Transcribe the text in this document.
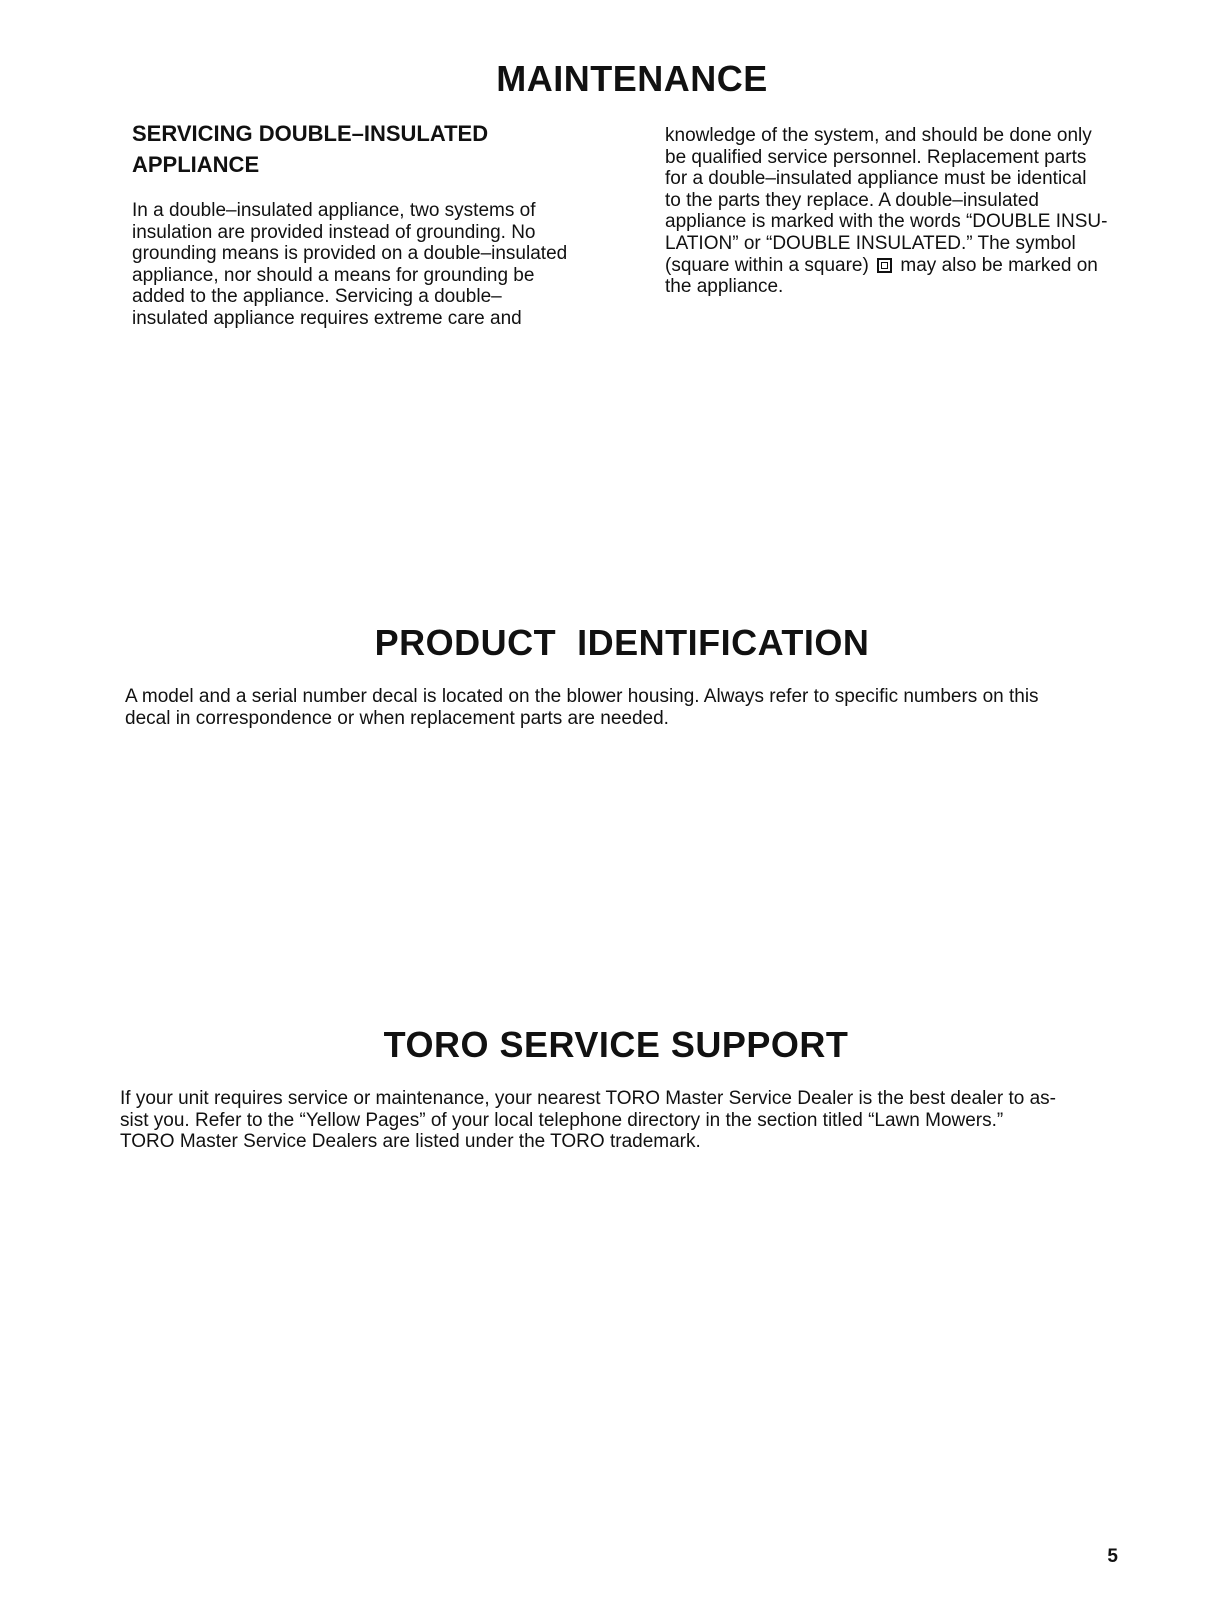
MAINTENANCE
SERVICING DOUBLE–INSULATED
APPLIANCE

In a double–insulated appliance, two systems of
insulation are provided instead of grounding. No
grounding means is provided on a double–insulated
appliance, nor should a means for grounding be
added to the appliance. Servicing a double–
insulated appliance requires extreme care and

knowledge of the system, and should be done only
be qualified service personnel. Replacement parts
for a double–insulated appliance must be identical
to the parts they replace. A double–insulated
appliance is marked with the words “DOUBLE INSU-
LATION” or “DOUBLE INSULATED.” The symbol
(square within a square) may also be marked on
the appliance.

PRODUCT  IDENTIFICATION

A model and a serial number decal is located on the blower housing. Always refer to specific numbers on this
decal in correspondence or when replacement parts are needed.

TORO SERVICE SUPPORT

If your unit requires service or maintenance, your nearest TORO Master Service Dealer is the best dealer to as-
sist you. Refer to the “Yellow Pages” of your local telephone directory in the section titled “Lawn Mowers.”
TORO Master Service Dealers are listed under the TORO trademark.

5
